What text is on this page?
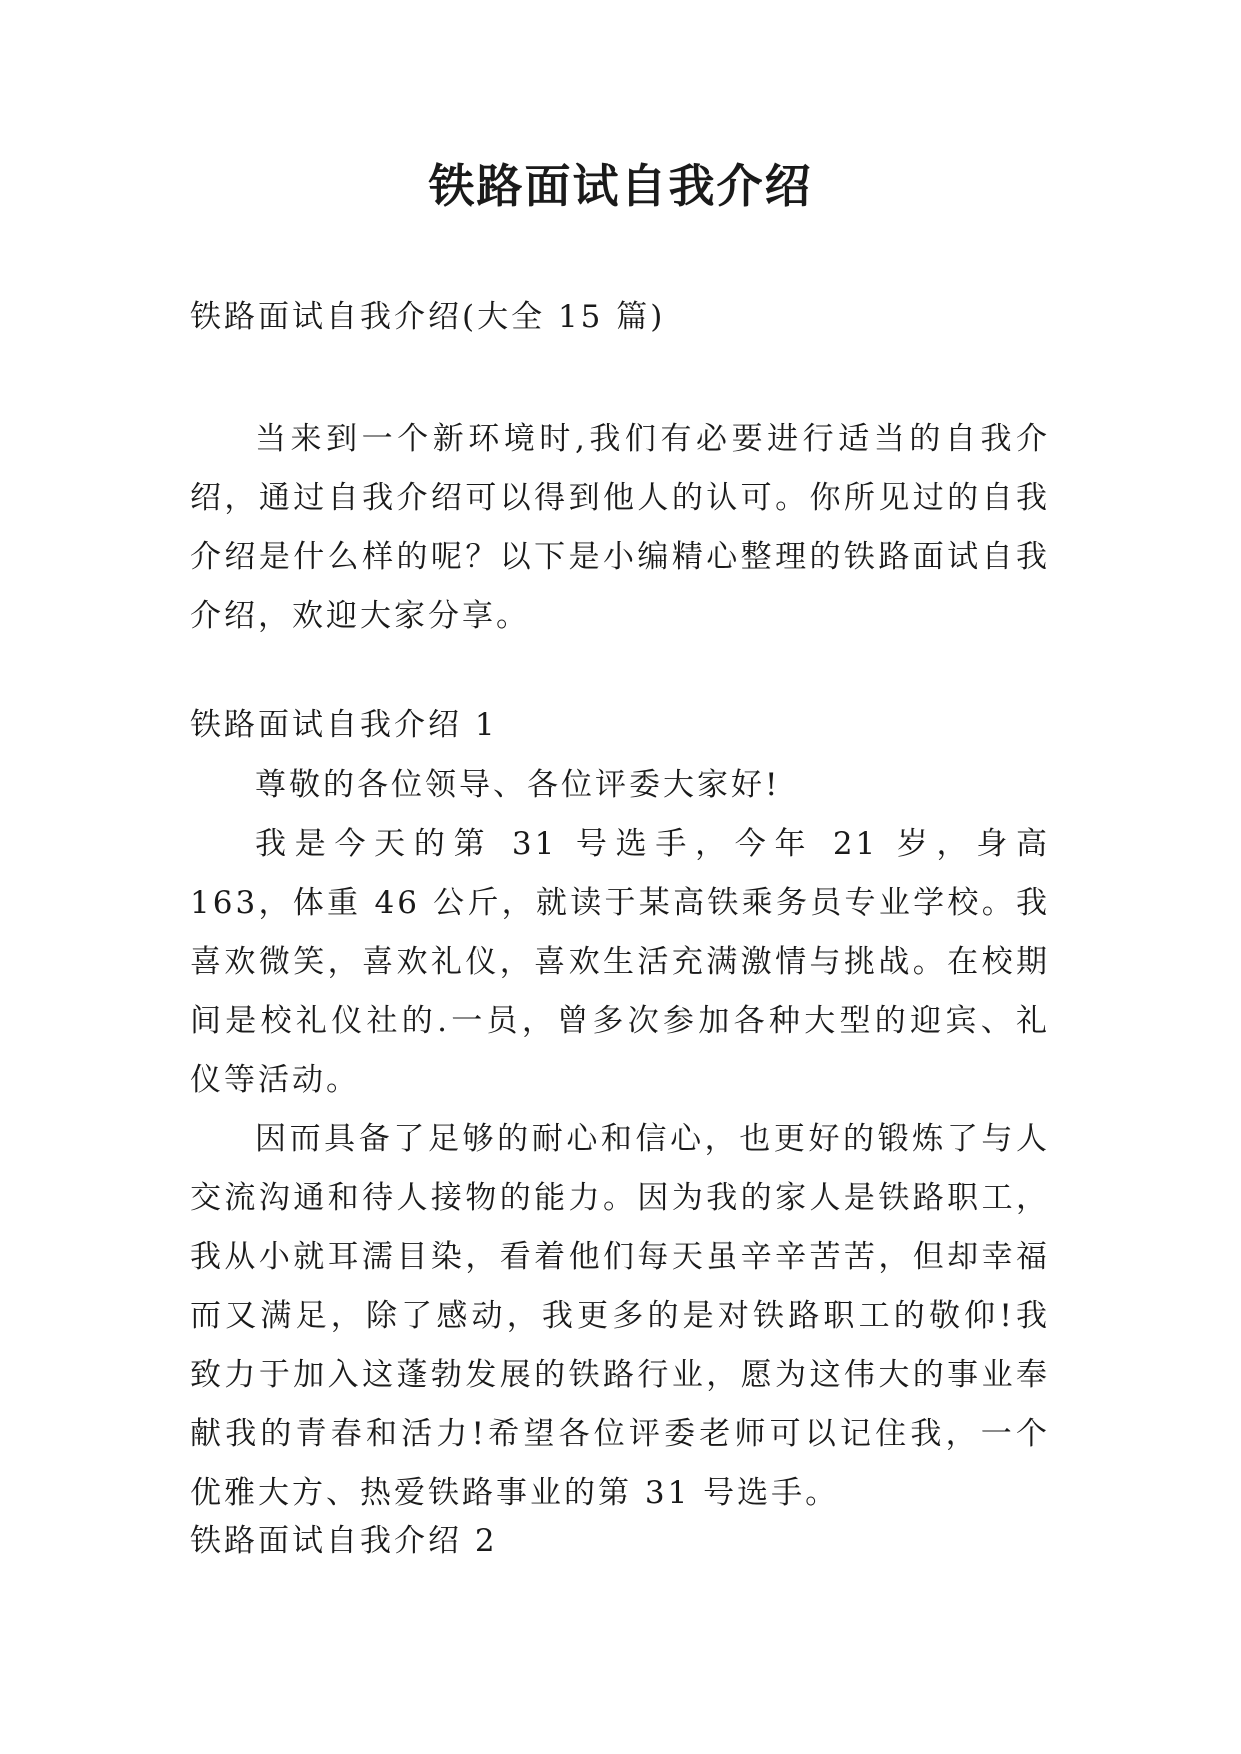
铁路面试自我介绍
铁路面试自我介绍(大全 15 篇)
当来到一个新环境时,我们有必要进行适当的自我介绍，通过自我介绍可以得到他人的认可。你所见过的自我介绍是什么样的呢？以下是小编精心整理的铁路面试自我介绍，欢迎大家分享。
铁路面试自我介绍 1

尊敬的各位领导、各位评委大家好!

我是今天的第 31 号选手，今年 21 岁，身高 163，体重 46 公斤，就读于某高铁乘务员专业学校。我喜欢微笑，喜欢礼仪，喜欢生活充满激情与挑战。在校期间是校礼仪社的.一员，曾多次参加各种大型的迎宾、礼仪等活动。

因而具备了足够的耐心和信心，也更好的锻炼了与人交流沟通和待人接物的能力。因为我的家人是铁路职工，我从小就耳濡目染，看着他们每天虽辛辛苦苦，但却幸福而又满足，除了感动，我更多的是对铁路职工的敬仰!我致力于加入这蓬勃发展的铁路行业，愿为这伟大的事业奉献我的青春和活力!希望各位评委老师可以记住我，一个优雅大方、热爱铁路事业的第 31 号选手。

铁路面试自我介绍 2
